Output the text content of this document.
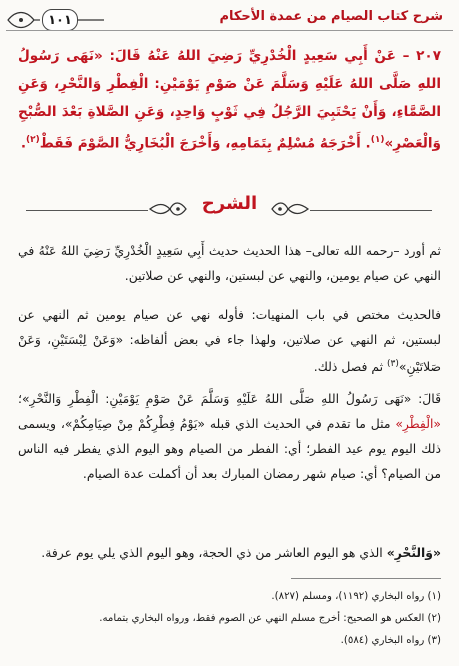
١٠١	شرح كتاب الصيام من عمدة الأحكام
٢٠٧ – عَنْ أَبِي سَعِيدٍ الْخُدْرِيِّ رَضِيَ اللهُ عَنْهُ قَالَ: «نَهَى رَسُولُ اللهِ صَلَّى اللهُ عَلَيْهِ وَسَلَّمَ عَنْ صَوْمِ يَوْمَيْنِ: الْفِطْرِ وَالنَّحْرِ، وَعَنِ الصَّمَّاءِ، وَأَنْ يَحْتَبِيَ الرَّجُلُ فِي ثَوْبٍ وَاحِدٍ، وَعَنِ الصَّلاةِ بَعْدَ الصُّبْحِ وَالْعَصْرِ»$^{(١)}$. أَخْرَجَهُ مُسْلِمٌ بِتَمَامِهِ، وَأَخْرَجَ الْبُخَارِيُّ الصَّوْمَ فَقَطْ$^{(٢)}$.
الشرح
ثم أورد –رحمه الله تعالى– هذا الحديث حديث أَبِي سَعِيدٍ الْخُدْرِيِّ رَضِيَ اللهُ عَنْهُ في النهي عن صيام يومين، والنهي عن لبستين، والنهي عن صلاتين.
فالحديث مختص في باب المنهيات: فأوله نهي عن صيام يومين ثم النهي عن لبستين، ثم النهي عن صلاتين، ولهذا جاء في بعض ألفاظه: «وَعَنْ لِبْسَتَيْنِ، وَعَنْ صَلاتَيْنِ»$^{(٣)}$ ثم فصل ذلك.
قَالَ: «نَهَى رَسُولُ اللهِ صَلَّى اللهُ عَلَيْهِ وَسَلَّمَ عَنْ صَوْمِ يَوْمَيْنِ: الْفِطْرِ وَالنَّحْرِ»؛ «الْفِطْرِ» مثل ما تقدم في الحديث الذي قبله «يَوْمُ فِطْرِكُمْ مِنْ صِيَامِكُمْ»، ويسمى ذلك اليوم يوم عيد الفطر؛ أي: الفطر من الصيام وهو اليوم الذي يفطر فيه الناس من الصيام؟ أي: صيام شهر رمضان المبارك بعد أن أكملت عدة الصيام.
«وَالنَّحْرِ» الذي هو اليوم العاشر من ذي الحجة، وهو اليوم الذي يلي يوم عرفة.
(١) رواه البخاري (١١٩٢)، ومسلم (٨٢٧).
(٢) العكس هو الصحيح: أخرج مسلم النهي عن الصوم فقط، ورواه البخاري بتمامه.
(٣) رواه البخاري (٥٨٤).
